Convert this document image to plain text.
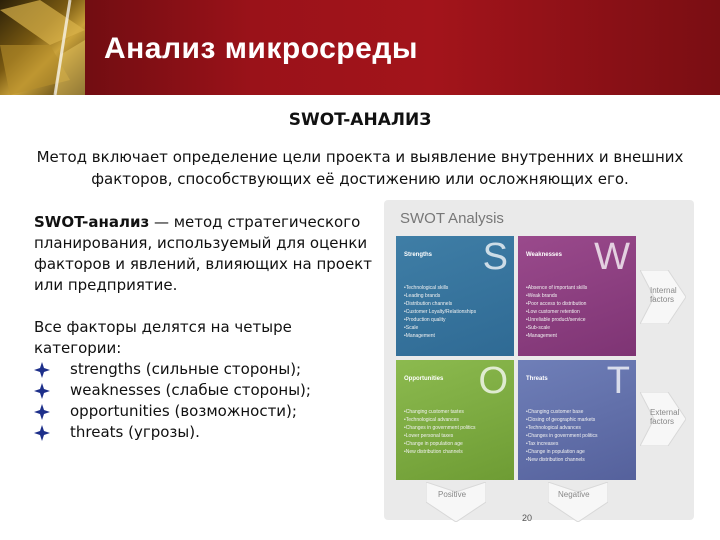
Анализ микросреды
SWOT-АНАЛИЗ

Метод включает определение цели проекта и выявление внутренних и внешних факторов, способствующих её достижению или осложняющих его.

SWOT-анализ — метод стратегического планирования, используемый для оценки факторов и явлений, влияющих на проект или предприятие.

Все факторы делятся на четыре категории:

strengths (сильные стороны);
weaknesses (слабые стороны);
opportunities (возможности);
threats (угрозы).
SWOT Analysis
Strengths S
• Technological skills
• Leading brands
• Distribution channels
• Customer Loyalty/Relationships
• Production quality
• Scale
• Management
Weaknesses W
• Absence of important skills
• Weak brands
• Poor access to distribution
• Low customer retention
• Unreliable product/service
• Sub-scale
• Management
Opportunities O
• Changing customer tastes
• Technological advances
• Changes in government politics
• Lower personal taxes
• Change in population age
• New distribution channels
Threats T
• Changing customer base
• Closing of geographic markets
• Technological advances
• Changes in government politics
• Tax increases
• Change in population age
• New distribution channels
Internal factors
External factors
Positive	Negative
20
